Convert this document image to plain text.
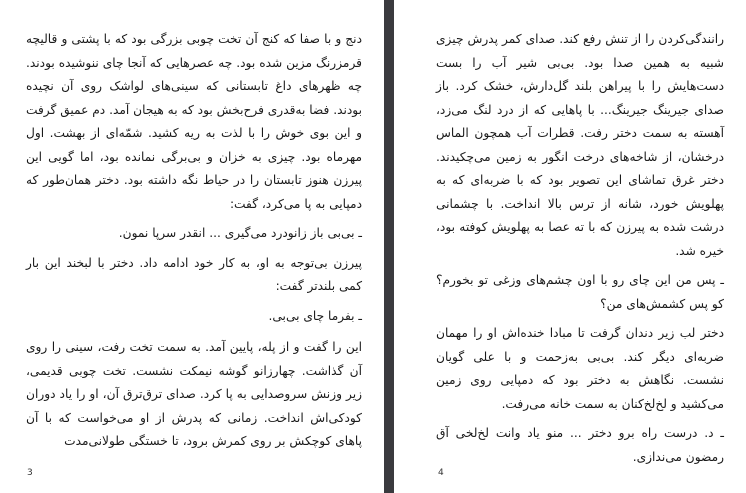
دنج و با صفا که کنج آن تخت چوبی بزرگی بود که با پشتی و قالیچه قرمزرنگ مزین شده بود. چه عصرهایی که آنجا چای ننوشیده بودند. چه ظهرهای داغ تابستانی که سینی‌های لواشک روی آن نچیده بودند. فضا به‌قدری فرح‌بخش بود که به هیجان آمد. دم عمیق گرفت و این بوی خوش را با لذت به ریه کشید. شمّه‌ای از بهشت. اول مهرماه بود. چیزی به خزان و بی‌برگی نمانده بود، اما گویی این پیرزن هنوز تابستان را در حیاط نگه داشته بود. دختر همان‌طور که دمپایی به پا می‌کرد، گفت:

ـ بی‌بی باز زانودرد می‌گیری ... انقدر سرپا نمون.

پیرزن بی‌توجه به او، به کار خود ادامه داد. دختر با لبخند این بار کمی بلندتر گفت:

ـ بفرما چای بی‌بی.

این را گفت و از پله، پایین آمد. به سمت تخت رفت، سینی را روی آن گذاشت. چهارزانو گوشه نیمکت نشست. تخت چوبی قدیمی، زیر وزنش سروصدایی به پا کرد. صدای ترق‌ترق آن، او را یاد دوران کودکی‌اش انداخت. زمانی که پدرش از او می‌خواست که با آن پاهای کوچکش بر روی کمرش برود، تا خستگی طولانی‌مدت

3

رانندگی‌کردن را از تنش رفع کند. صدای کمر پدرش چیزی شبیه به همین صدا بود. بی‌بی شیر آب را بست دست‌هایش را با پیراهن بلند گل‌دارش، خشک کرد. باز صدای جیرینگ جیرینگ... با پاهایی که از درد لنگ می‌زد، آهسته به سمت دختر رفت. قطرات آب همچون الماس درخشان، از شاخه‌های درخت انگور به زمین می‌چکیدند. دختر غرق تماشای این تصویر بود که با ضربه‌ای که به پهلویش خورد، شانه از ترس بالا انداخت. با چشمانی درشت شده به پیرزن که با ته عصا به پهلویش کوفته بود، خیره شد.

ـ پس من این چای رو با اون چشم‌های وزغی تو بخورم؟ کو پس کشمش‌های من؟

دختر لب زیر دندان گرفت تا مبادا خنده‌اش او را مهمان ضربه‌ای دیگر کند. بی‌بی به‌زحمت و با علی گویان نشست. نگاهش به دختر بود که دمپایی روی زمین می‌کشید و لخ‌لخ‌کنان به سمت خانه می‌رفت.

ـ د. درست راه برو دختر ... منو یاد وانت لخ‌لخی آق رمضون می‌ندازی.

4
